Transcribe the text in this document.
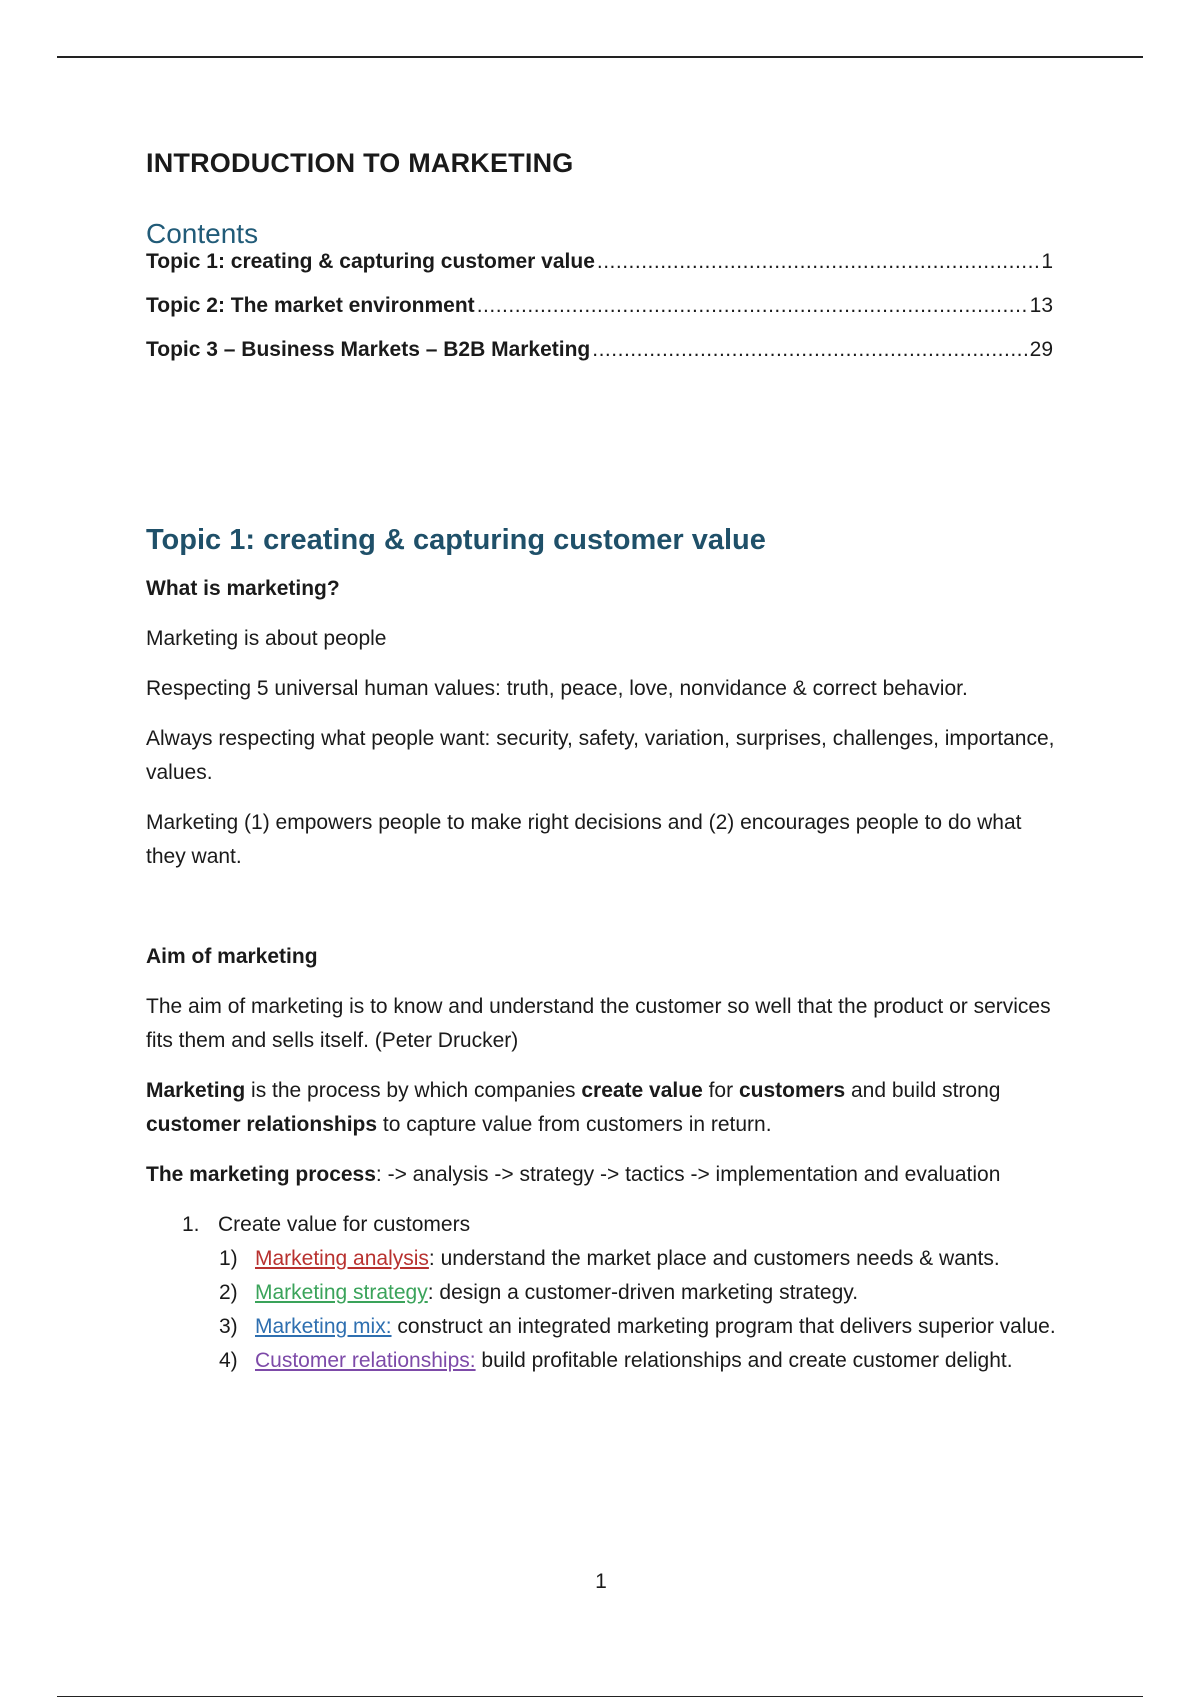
INTRODUCTION TO MARKETING
Contents
Topic 1: creating & capturing customer value .....	1
Topic 2: The market environment .....	13
Topic 3 – Business Markets – B2B Marketing .....	29
Topic 1: creating & capturing customer value

What is marketing?

Marketing is about people

Respecting 5 universal human values: truth, peace, love, nonvidance & correct behavior.

Always respecting what people want: security, safety, variation, surprises, challenges, importance, values.

Marketing (1) empowers people to make right decisions and (2) encourages people to do what they want.

Aim of marketing

The aim of marketing is to know and understand the customer so well that the product or services fits them and sells itself. (Peter Drucker)

Marketing is the process by which companies create value for customers and build strong customer relationships to capture value from customers in return.

The marketing process: -> analysis -> strategy -> tactics -> implementation and evaluation

1. Create value for customers
1) Marketing analysis: understand the market place and customers needs & wants.
2) Marketing strategy: design a customer-driven marketing strategy.
3) Marketing mix: construct an integrated marketing program that delivers superior value.
4) Customer relationships: build profitable relationships and create customer delight.
1
